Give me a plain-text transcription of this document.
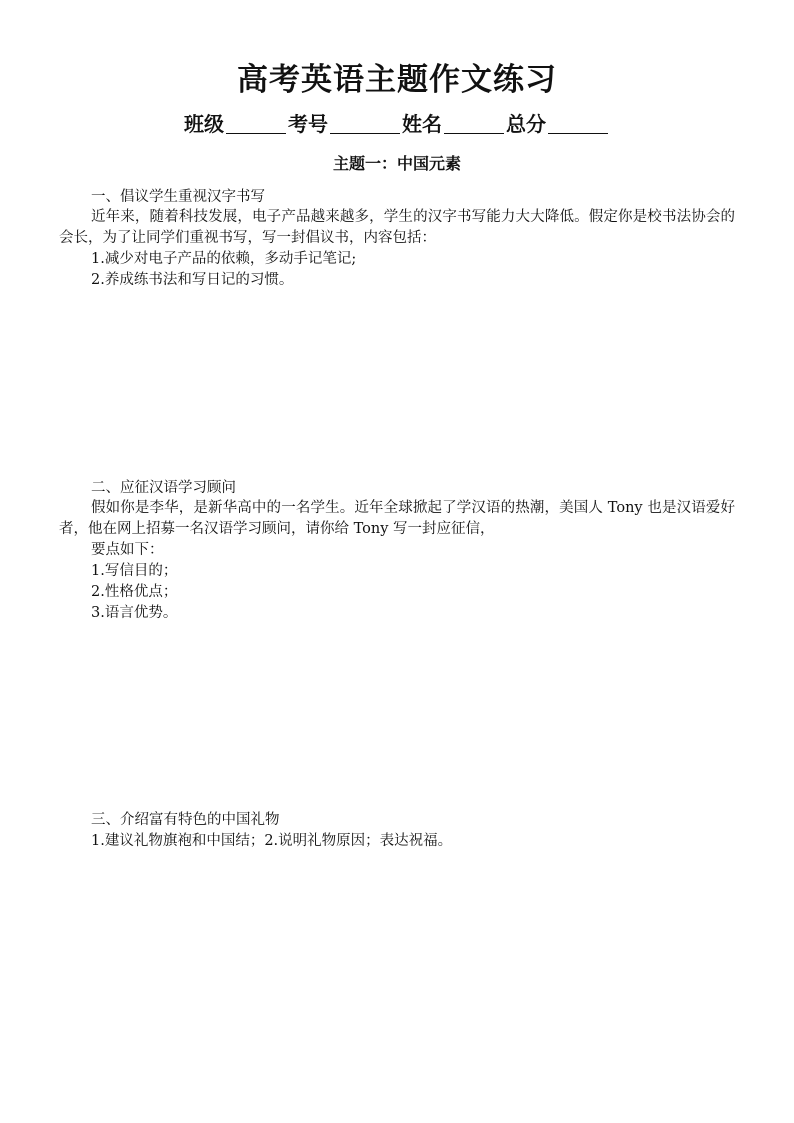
高考英语主题作文练习
班级	考号	姓名	总分
主题一：中国元素
一、倡议学生重视汉字书写
近年来，随着科技发展，电子产品越来越多，学生的汉字书写能力大大降低。假定你是校书法协会的会长，为了让同学们重视书写，写一封倡议书，内容包括：
1.减少对电子产品的依赖，多动手记笔记;
2.养成练书法和写日记的习惯。
二、应征汉语学习顾问
假如你是李华，是新华高中的一名学生。近年全球掀起了学汉语的热潮，美国人 Tony 也是汉语爱好者，他在网上招募一名汉语学习顾问，请你给 Tony 写一封应征信，
要点如下：
1.写信目的；
2.性格优点；
3.语言优势。
三、介绍富有特色的中国礼物
1.建议礼物旗袍和中国结；2.说明礼物原因；表达祝福。
